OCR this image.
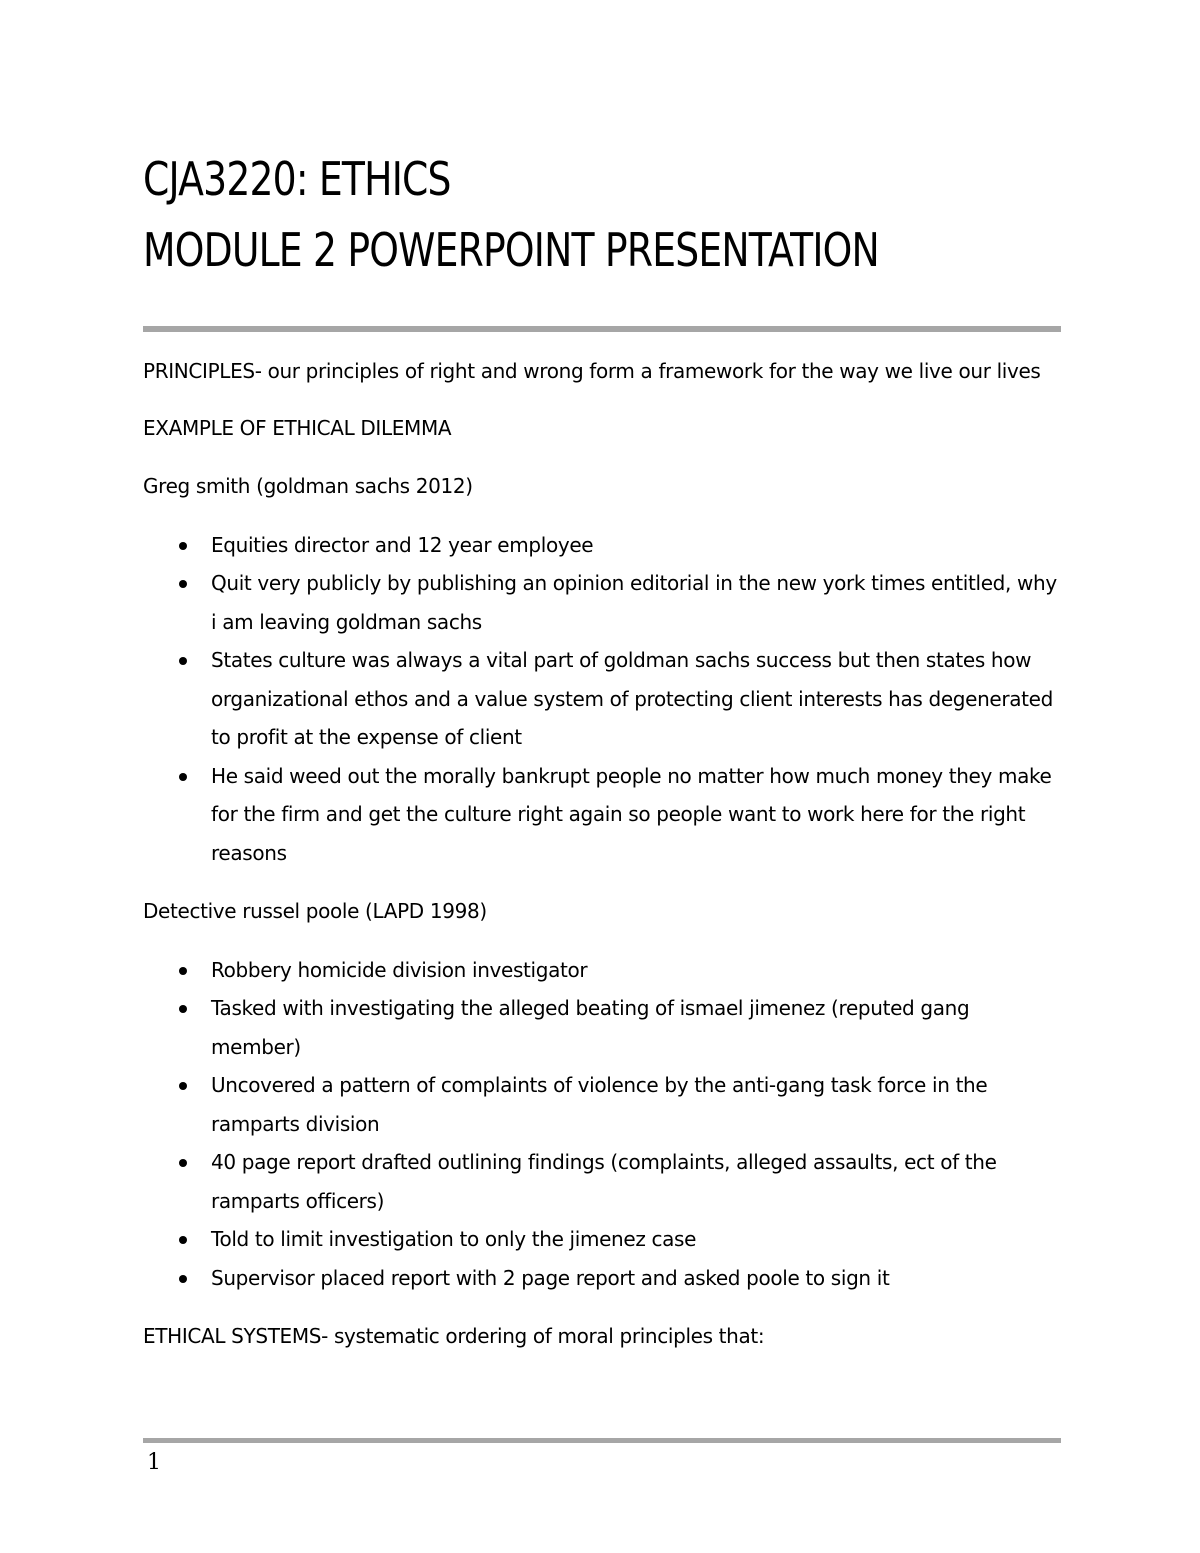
CJA3220: ETHICS
MODULE 2 POWERPOINT PRESENTATION

PRINCIPLES- our principles of right and wrong form a framework for the way we live our lives

EXAMPLE OF ETHICAL DILEMMA

Greg smith (goldman sachs 2012)

Equities director and 12 year employee
Quit very publicly by publishing an opinion editorial in the new york times entitled, why i am leaving goldman sachs
States culture was always a vital part of goldman sachs success but then states how organizational ethos and a value system of protecting client interests has degenerated to profit at the expense of client
He said weed out the morally bankrupt people no matter how much money they make for the firm and get the culture right again so people want to work here for the right reasons

Detective russel poole (LAPD 1998)

Robbery homicide division investigator
Tasked with investigating the alleged beating of ismael jimenez (reputed gang member)
Uncovered a pattern of complaints of violence by the anti-gang task force in the ramparts division
40 page report drafted outlining findings (complaints, alleged assaults, ect of the ramparts officers)
Told to limit investigation to only the jimenez case
Supervisor placed report with 2 page report and asked poole to sign it

ETHICAL SYSTEMS- systematic ordering of moral principles that:

1
